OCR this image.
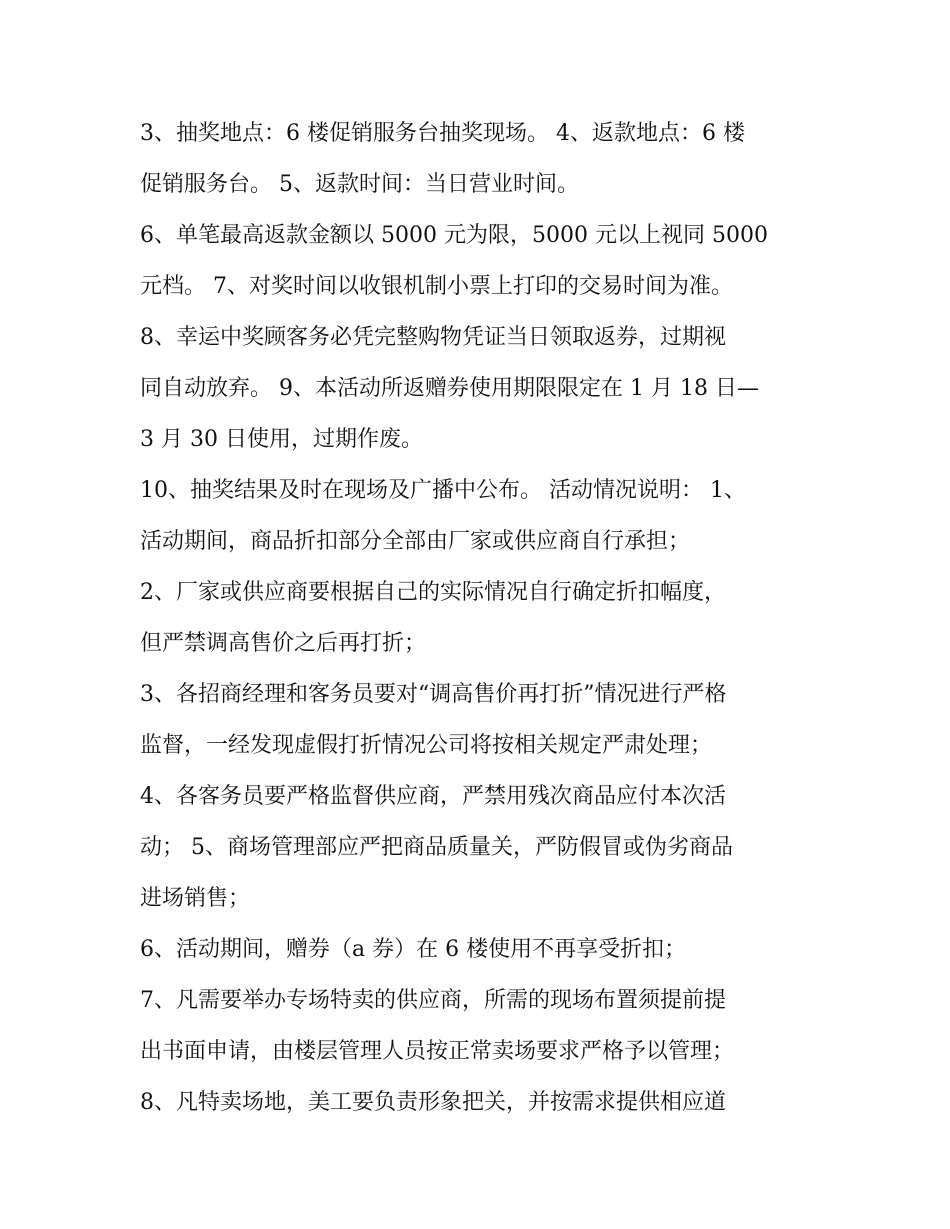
3、抽奖地点：6 楼促销服务台抽奖现场。 4、返款地点：6 楼
促销服务台。 5、返款时间：当日营业时间。
6、单笔最高返款金额以 5000 元为限，5000 元以上视同 5000
元档。 7、对奖时间以收银机制小票上打印的交易时间为准。
8、幸运中奖顾客务必凭完整购物凭证当日领取返券，过期视
同自动放弃。 9、本活动所返赠券使用期限限定在 1 月 18 日—
3 月 30 日使用，过期作废。
10、抽奖结果及时在现场及广播中公布。 活动情况说明： 1、
活动期间，商品折扣部分全部由厂家或供应商自行承担；
2、厂家或供应商要根据自己的实际情况自行确定折扣幅度，
但严禁调高售价之后再打折；
3、各招商经理和客务员要对“调高售价再打折”情况进行严格
监督，一经发现虚假打折情况公司将按相关规定严肃处理；
4、各客务员要严格监督供应商，严禁用残次商品应付本次活
动； 5、商场管理部应严把商品质量关，严防假冒或伪劣商品
进场销售；
6、活动期间，赠券（a 券）在 6 楼使用不再享受折扣；
7、凡需要举办专场特卖的供应商，所需的现场布置须提前提
出书面申请，由楼层管理人员按正常卖场要求严格予以管理；
8、凡特卖场地，美工要负责形象把关，并按需求提供相应道
